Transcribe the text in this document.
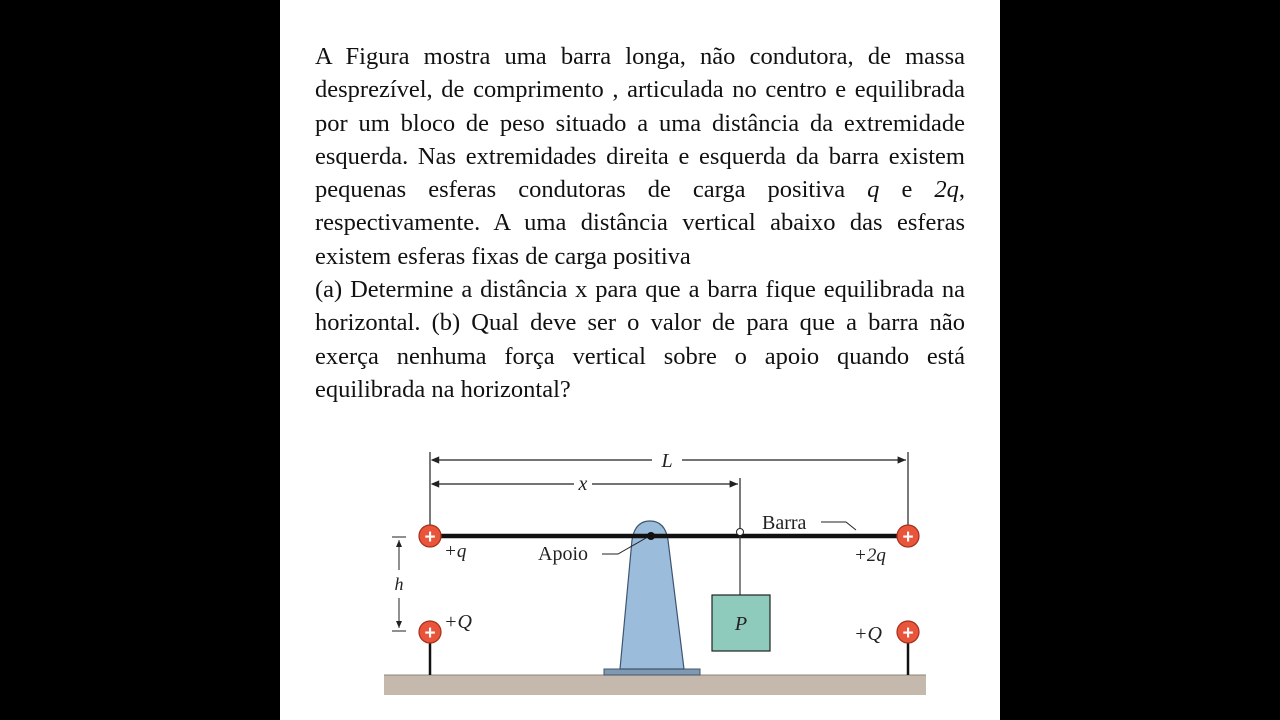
A Figura mostra uma barra longa, não condutora, de massa desprezível, de comprimento , articulada no centro e equilibrada por um bloco de peso situado a uma distância da extremidade esquerda. Nas extremidades direita e esquerda da barra existem pequenas esferas condutoras de carga positiva q e 2q, respectivamente. A uma distância vertical abaixo das esferas existem esferas fixas de carga positiva
(a) Determine a distância x para que a barra fique equilibrada na horizontal. (b) Qual deve ser o valor de para que a barra não exerça nenhuma força vertical sobre o apoio quando está equilibrada na horizontal?

L
x
P
Barra
Apoio
h
+
+q
+
+2q
+
+Q
+
+Q
